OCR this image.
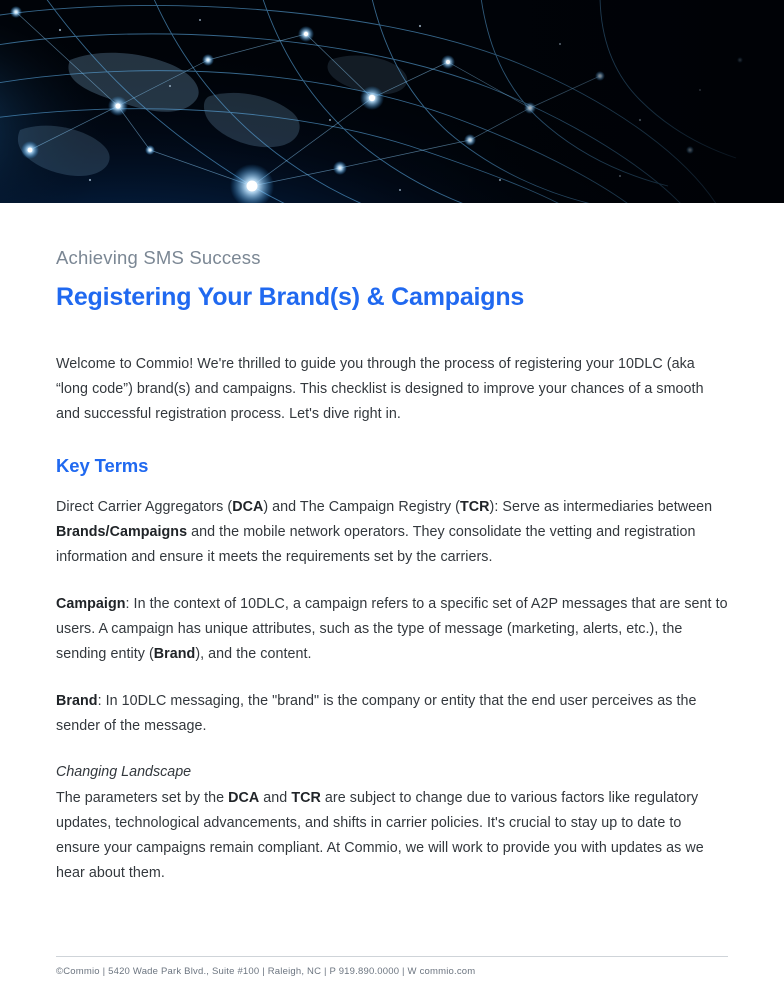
Achieving SMS Success
Registering Your Brand(s) & Campaigns

Welcome to Commio! We're thrilled to guide you through the process of registering your 10DLC (aka “long code”) brand(s) and campaigns. This checklist is designed to improve your chances of a smooth and successful registration process. Let's dive right in.

Key Terms

Direct Carrier Aggregators (DCA) and The Campaign Registry (TCR): Serve as intermediaries between Brands/Campaigns and the mobile network operators. They consolidate the vetting and registration information and ensure it meets the requirements set by the carriers.

Campaign: In the context of 10DLC, a campaign refers to a specific set of A2P messages that are sent to users. A campaign has unique attributes, such as the type of message (marketing, alerts, etc.), the sending entity (Brand), and the content.

Brand: In 10DLC messaging, the "brand" is the company or entity that the end user perceives as the sender of the message.

Changing Landscape

The parameters set by the DCA and TCR are subject to change due to various factors like regulatory updates, technological advancements, and shifts in carrier policies. It's crucial to stay up to date to ensure your campaigns remain compliant. At Commio, we will work to provide you with updates as we hear about them.

©Commio | 5420 Wade Park Blvd., Suite #100 | Raleigh, NC | P 919.890.0000 | W commio.com
